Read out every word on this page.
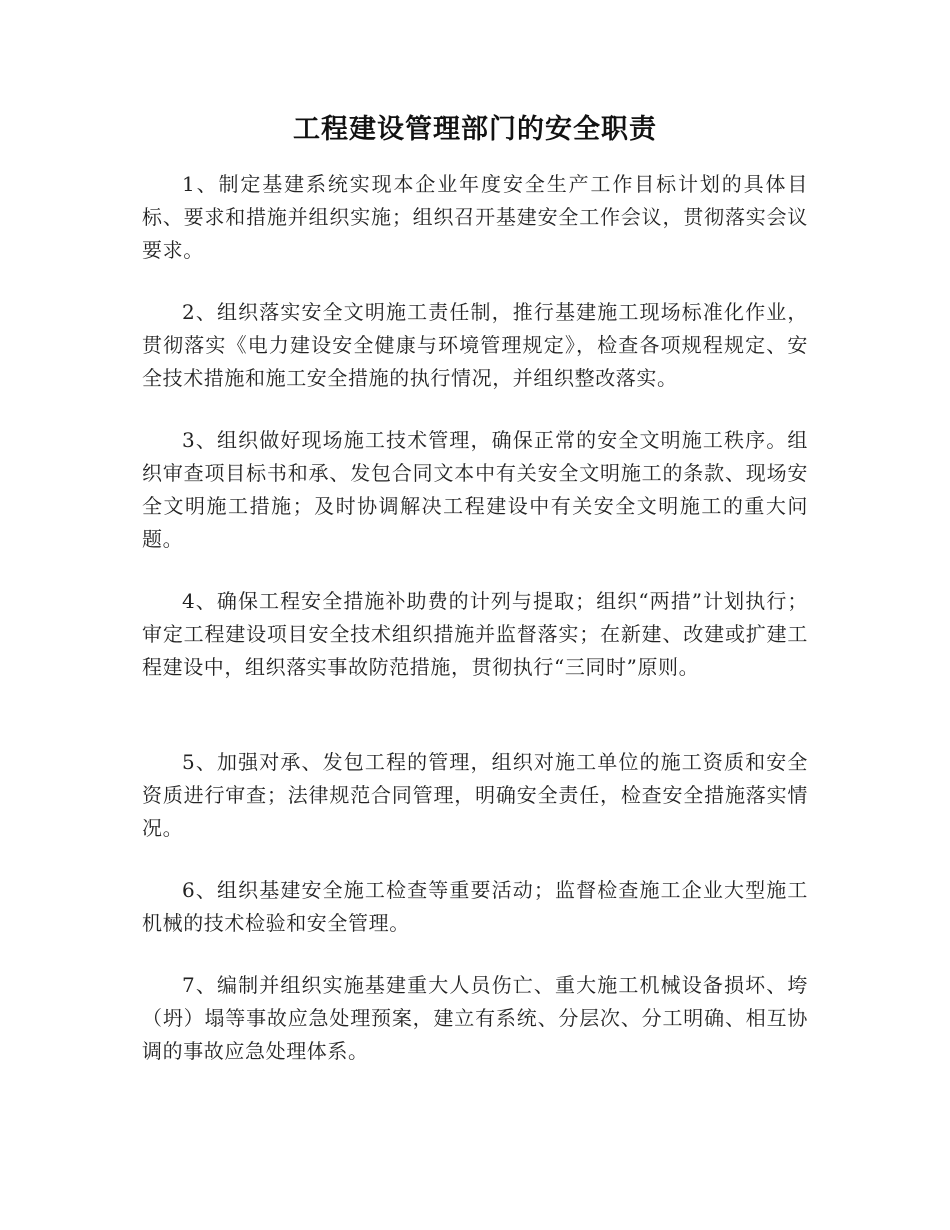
工程建设管理部门的安全职责

1、制定基建系统实现本企业年度安全生产工作目标计划的具体目标、要求和措施并组织实施；组织召开基建安全工作会议，贯彻落实会议要求。

2、组织落实安全文明施工责任制，推行基建施工现场标准化作业，贯彻落实《电力建设安全健康与环境管理规定》，检查各项规程规定、安全技术措施和施工安全措施的执行情况，并组织整改落实。

3、组织做好现场施工技术管理，确保正常的安全文明施工秩序。组织审查项目标书和承、发包合同文本中有关安全文明施工的条款、现场安全文明施工措施；及时协调解决工程建设中有关安全文明施工的重大问题。

4、确保工程安全措施补助费的计列与提取；组织“两措”计划执行；审定工程建设项目安全技术组织措施并监督落实；在新建、改建或扩建工程建设中，组织落实事故防范措施，贯彻执行“三同时”原则。

5、加强对承、发包工程的管理，组织对施工单位的施工资质和安全资质进行审查；法律规范合同管理，明确安全责任，检查安全措施落实情况。

6、组织基建安全施工检查等重要活动；监督检查施工企业大型施工机械的技术检验和安全管理。

7、编制并组织实施基建重大人员伤亡、重大施工机械设备损坏、垮（坍）塌等事故应急处理预案，建立有系统、分层次、分工明确、相互协调的事故应急处理体系。
